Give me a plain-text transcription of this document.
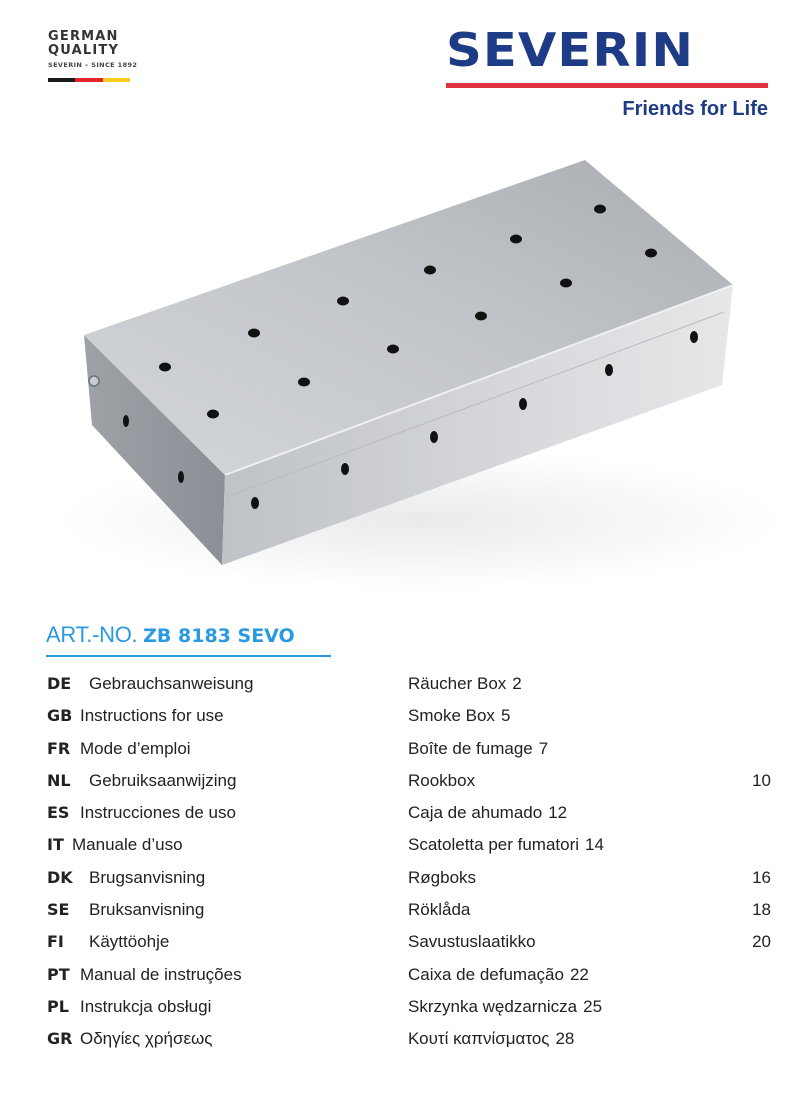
GERMAN
QUALITY
SEVERIN – SINCE 1892	SEVERIN
Friends for Life
ART.-NO. ZB 8183 SEVO
DE Gebrauchsanweisung	Räucher Box 2
GB Instructions for use	Smoke Box 5
FR Mode d’emploi	Boîte de fumage 7
NL Gebruiksaanwijzing	Rookbox	10
ES Instrucciones de uso	Caja de ahumado 12
IT Manuale d’uso	Scatoletta per fumatori 14
DK Brugsanvisning	Røgboks	16
SE Bruksanvisning	Röklåda	18
FI Käyttöohje	Savustuslaatikko	20
PT Manual de instruções	Caixa de defumação 22
PL Instrukcja obsługi	Skrzynka wędzarnicza 25
GR Οδηγίες χρήσεως	Κουτί καπνίσματος 28
